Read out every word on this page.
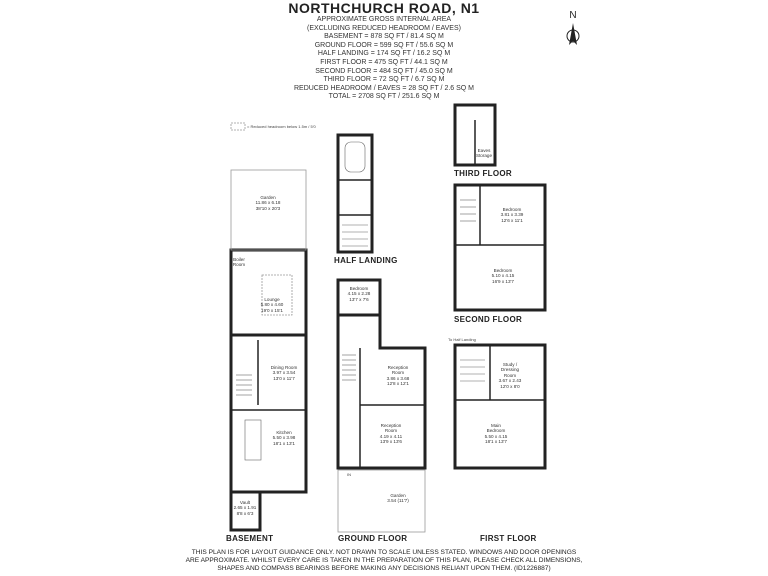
NORTHCHURCH ROAD, N1
APPROXIMATE GROSS INTERNAL AREA
(EXCLUDING REDUCED HEADROOM / EAVES)
BASEMENT = 878 SQ FT / 81.4 SQ M
GROUND FLOOR = 599 SQ FT / 55.6 SQ M
HALF LANDING = 174 SQ FT / 16.2 SQ M
FIRST FLOOR = 475 SQ FT / 44.1 SQ M
SECOND FLOOR = 484 SQ FT / 45.0 SQ M
THIRD FLOOR = 72 SQ FT / 6.7 SQ M
REDUCED HEADROOM / EAVES = 28 SQ FT / 2.6 SQ M
TOTAL = 2708 SQ FT / 251.6 SQ M
N
= Reduced headroom below 1.5m / 5'0
BASEMENT	GROUND FLOOR
HALF LANDING
FIRST FLOOR
SECOND FLOOR
THIRD FLOOR
Garden
11.86 x 6.18
38'10 x 20'3
Boiler
Room
Lounge
5.80 x 4.60
19'0 x 15'1
Dining Room
3.97 x 3.54
13'0 x 11'7
Kitchen
5.50 x 3.98
18'1 x 13'1
Vault
2.65 x 1.91
8'8 x 6'3
Bedroom
4.15 x 2.28
13'7 x 7'6
Reception
Room
3.86 x 3.68
12'8 x 12'1
Reception
Room
4.19 x 4.11
13'9 x 13'6
Garden
3.54 (11'7)
IN
To Half Landing
Study /
Dressing
Room
3.67 x 2.43
12'0 x 8'0
Main
Bedroom
5.50 x 4.15
18'1 x 13'7
Bedroom
3.81 x 3.39
12'6 x 11'1
Bedroom
5.10 x 4.15
16'9 x 13'7
Eaves
Storage
THIS PLAN IS FOR LAYOUT GUIDANCE ONLY. NOT DRAWN TO SCALE UNLESS STATED. WINDOWS AND DOOR OPENINGS
ARE APPROXIMATE. WHILST EVERY CARE IS TAKEN IN THE PREPARATION OF THIS PLAN, PLEASE CHECK ALL DIMENSIONS,
SHAPES AND COMPASS BEARINGS BEFORE MAKING ANY DECISIONS RELIANT UPON THEM. (ID1226887)
